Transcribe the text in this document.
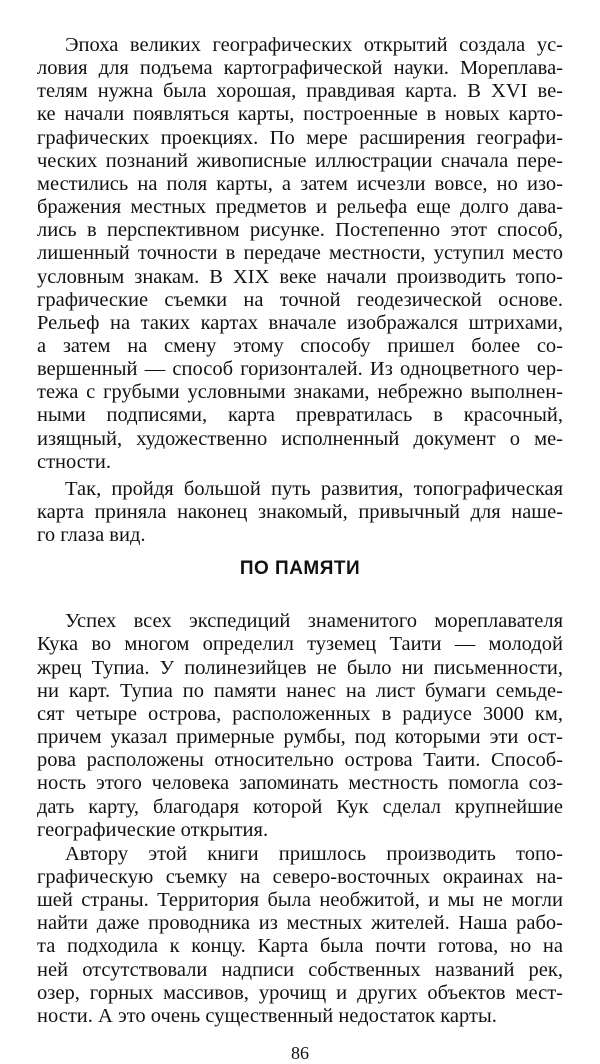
Эпоха великих географических открытий создала ус-
ловия для подъема картографической науки. Мореплава-
телям нужна была хорошая, правдивая карта. В XVI ве-
ке начали появляться карты, построенные в новых карто-
графических проекциях. По мере расширения географи-
ческих познаний живописные иллюстрации сначала пере-
местились на поля карты, а затем исчезли вовсе, но изо-
бражения местных предметов и рельефа еще долго дава-
лись в перспективном рисунке. Постепенно этот способ,
лишенный точности в передаче местности, уступил место
условным знакам. В XIX веке начали производить топо-
графические съемки на точной геодезической основе.
Рельеф на таких картах вначале изображался штрихами,
а затем на смену этому способу пришел более со-
вершенный — способ горизонталей. Из одноцветного чер-
тежа с грубыми условными знаками, небрежно выполнен-
ными подписями, карта превратилась в красочный,
изящный, художественно исполненный документ о ме-
стности.
Так, пройдя большой путь развития, топографическая
карта приняла наконец знакомый, привычный для наше-
го глаза вид.
ПО ПАМЯТИ
Успех всех экспедиций знаменитого мореплавателя
Кука во многом определил туземец Таити — молодой
жрец Тупиа. У полинезийцев не было ни письменности,
ни карт. Тупиа по памяти нанес на лист бумаги семьде-
сят четыре острова, расположенных в радиусе 3000 км,
причем указал примерные румбы, под которыми эти ост-
рова расположены относительно острова Таити. Способ-
ность этого человека запоминать местность помогла соз-
дать карту, благодаря которой Кук сделал крупнейшие
географические открытия.
Автору этой книги пришлось производить топо-
графическую съемку на северо-восточных окраинах на-
шей страны. Территория была необжитой, и мы не могли
найти даже проводника из местных жителей. Наша рабо-
та подходила к концу. Карта была почти готова, но на
ней отсутствовали надписи собственных названий рек,
озер, горных массивов, урочищ и других объектов мест-
ности. А это очень существенный недостаток карты.
86
